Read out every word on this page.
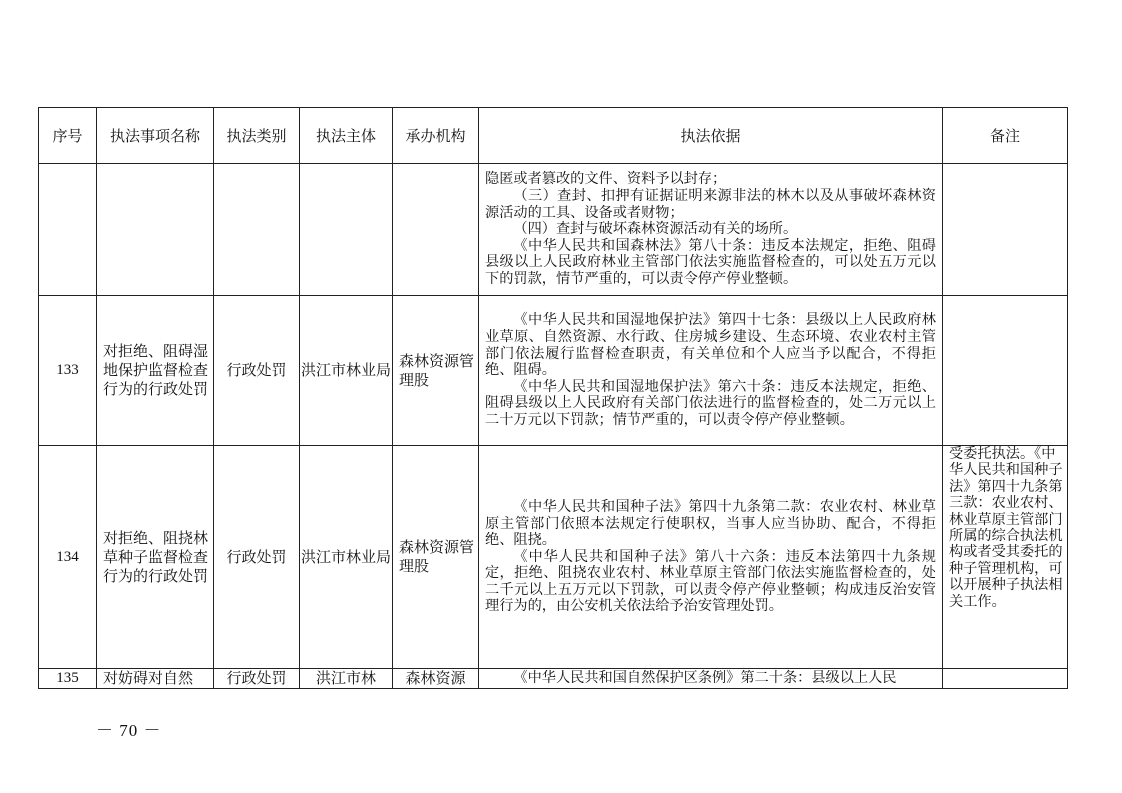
序号	执法事项名称	执法类别	执法主体	承办机构	执法依据	备注

					隐匿或者篡改的文件、资料予以封存；

（三）查封、扣押有证据证明来源非法的林木以及从事破坏森林资源活动的工具、设备或者财物；

（四）查封与破坏森林资源活动有关的场所。

《中华人民共和国森林法》第八十条：违反本法规定，拒绝、阻碍县级以上人民政府林业主管部门依法实施监督检查的，可以处五万元以下的罚款，情节严重的，可以责令停产停业整顿。	

133	对拒绝、阻碍湿地保护监督检查行为的行政处罚	行政处罚	洪江市林业局	森林资源管理股	《中华人民共和国湿地保护法》第四十七条：县级以上人民政府林业草原、自然资源、水行政、住房城乡建设、生态环境、农业农村主管部门依法履行监督检查职责，有关单位和个人应当予以配合，不得拒绝、阻碍。

《中华人民共和国湿地保护法》第六十条：违反本法规定，拒绝、阻碍县级以上人民政府有关部门依法进行的监督检查的，处二万元以上二十万元以下罚款；情节严重的，可以责令停产停业整顿。	

134	对拒绝、阻挠林草种子监督检查行为的行政处罚	行政处罚	洪江市林业局	森林资源管理股	《中华人民共和国种子法》第四十九条第二款：农业农村、林业草原主管部门依照本法规定行使职权，当事人应当协助、配合，不得拒绝、阻挠。

《中华人民共和国种子法》第八十六条：违反本法第四十九条规定，拒绝、阻挠农业农村、林业草原主管部门依法实施监督检查的，处二千元以上五万元以下罚款，可以责令停产停业整顿；构成违反治安管理行为的，由公安机关依法给予治安管理处罚。	受委托执法。《中华人民共和国种子法》第四十九条第三款：农业农村、林业草原主管部门所属的综合执法机构或者受其委托的种子管理机构，可以开展种子执法相关工作。
135	对妨碍对自然	行政处罚	洪江市林	森林资源	《中华人民共和国自然保护区条例》第二十条：县级以上人民	

－ 70 －
